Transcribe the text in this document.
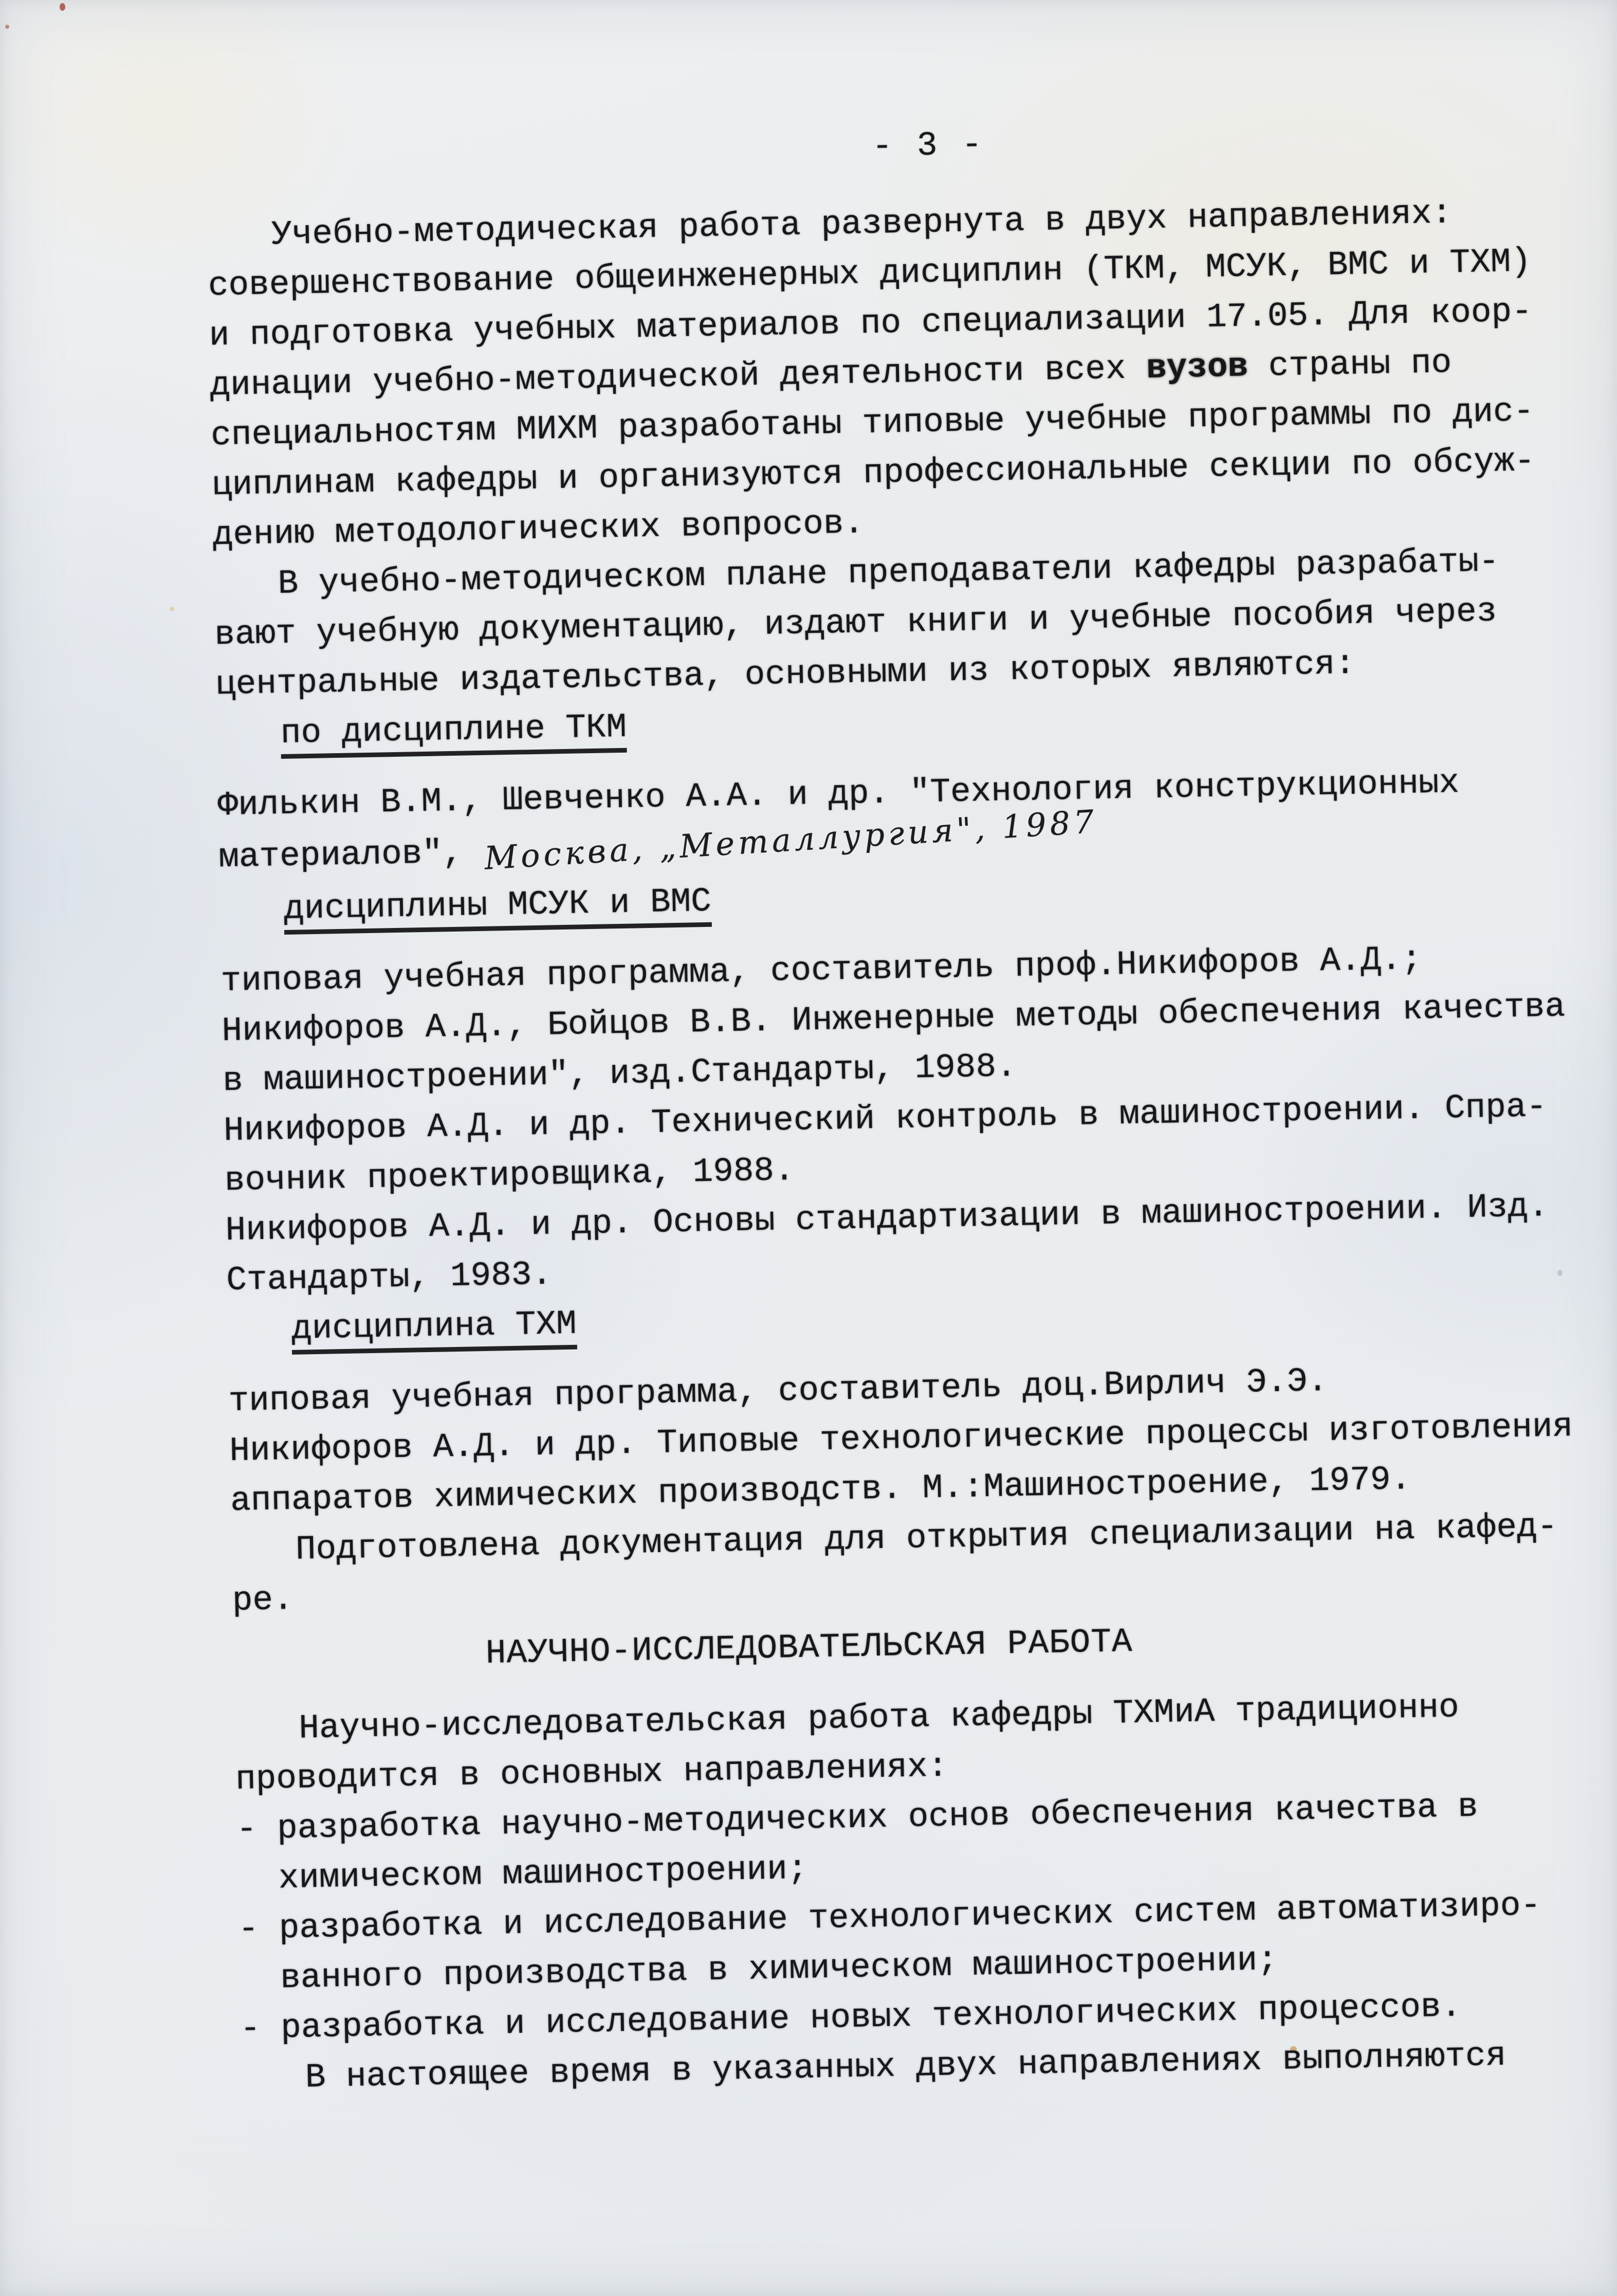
- 3 -
Учебно-методическая работа развернута в двух направлениях:
совершенствование общеинженерных дисциплин (ТКМ, МСУК, ВМС и ТХМ)
и подготовка учебных материалов по специализации 17.05. Для коор-
динации учебно-методической деятельности всех вузов страны по
специальностям МИХМ разработаны типовые учебные программы по дис-
циплинам кафедры и организуются профессиональные секции по обсуж-
дению методологических вопросов.
В учебно-методическом плане преподаватели кафедры разрабаты-
вают учебную документацию, издают книги и учебные пособия через
центральные издательства, основными из которых являются:
по дисциплине ТКМ
Филькин В.М., Шевченко А.А. и др. "Технология конструкционных
материалов", Москва, „Металлургия", 1987
дисциплины МСУК и ВМС
типовая учебная программа, составитель проф.Никифоров А.Д.;
Никифоров А.Д., Бойцов В.В. Инженерные методы обеспечения качества
в машиностроении", изд.Стандарты, 1988.
Никифоров А.Д. и др. Технический контроль в машиностроении. Спра-
вочник проектировщика, 1988.
Никифоров А.Д. и др. Основы стандартизации в машиностроении. Изд.
Стандарты, 1983.
дисциплина ТХМ
типовая учебная программа, составитель доц.Вирлич Э.Э.
Никифоров А.Д. и др. Типовые технологические процессы изготовления
аппаратов химических производств. М.:Машиностроение, 1979.
Подготовлена документация для открытия специализации на кафед-
ре.
НАУЧНО-ИССЛЕДОВАТЕЛЬСКАЯ РАБОТА
Научно-исследовательская работа кафедры ТХМиА традиционно
проводится в основных направлениях:
- разработка научно-методических основ обеспечения качества в
химическом машиностроении;
- разработка и исследование технологических систем автоматизиро-
ванного производства в химическом машиностроении;
- разработка и исследование новых технологических процессов.
В настоящее время в указанных двух направлениях выполняются
